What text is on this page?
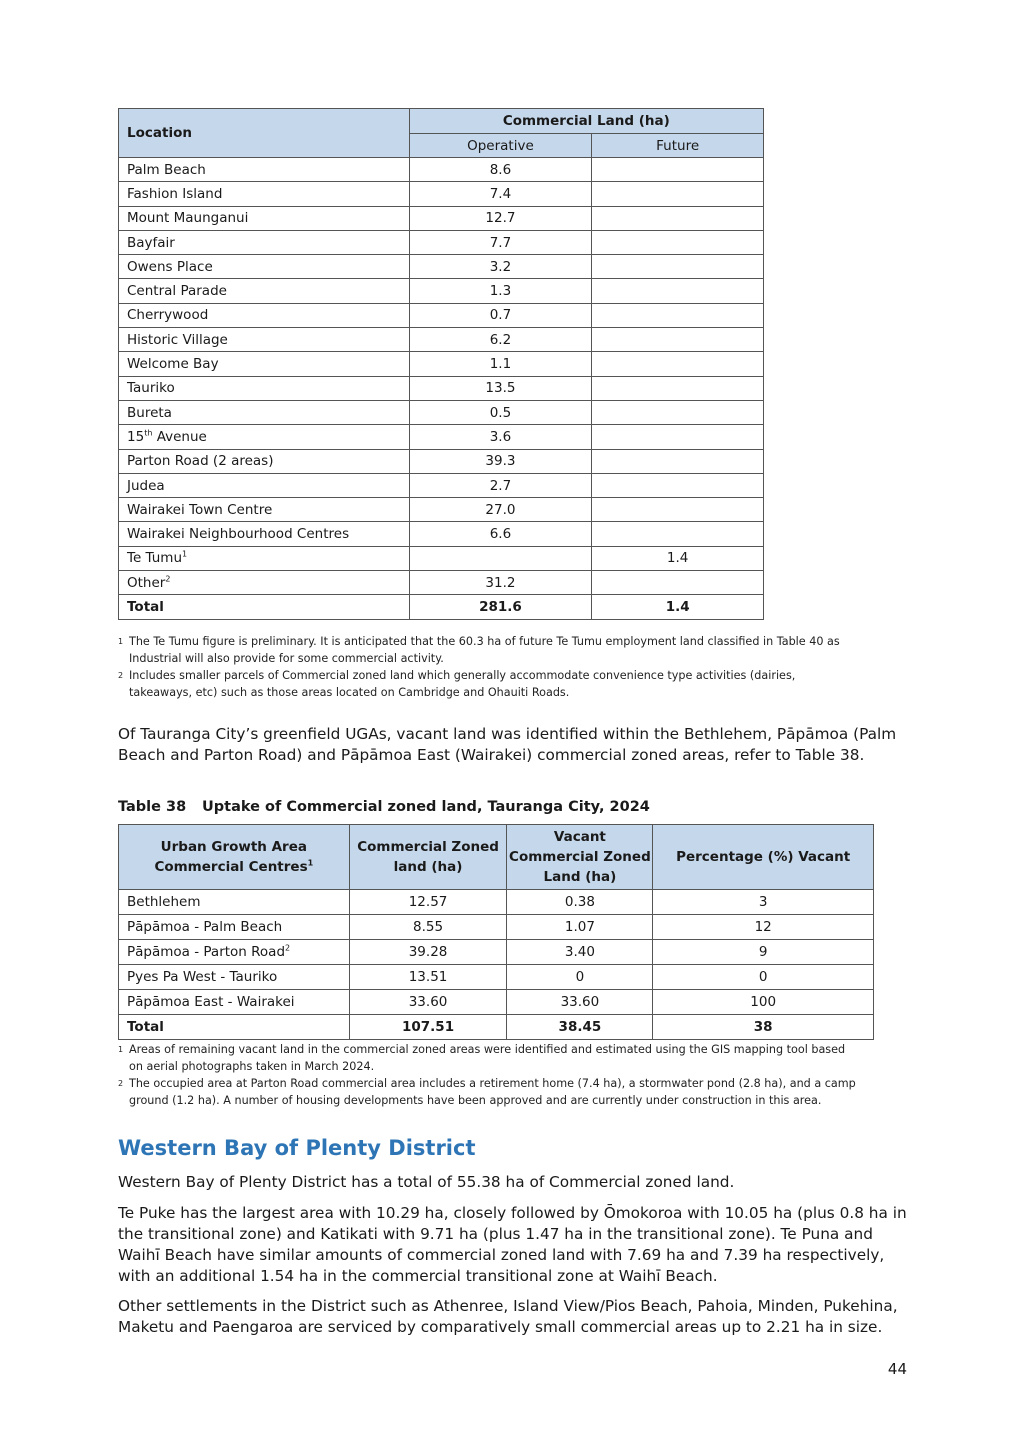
Location	Commercial Land (ha)	
	Operative	Future
Palm Beach	8.6	
Fashion Island	7.4	
Mount Maunganui	12.7	
Bayfair	7.7	
Owens Place	3.2	
Central Parade	1.3	
Cherrywood	0.7	
Historic Village	6.2	
Welcome Bay	1.1	
Tauriko	13.5	
Bureta	0.5	
15th Avenue	3.6	
Parton Road (2 areas)	39.3	
Judea	2.7	
Wairakei Town Centre	27.0	
Wairakei Neighbourhood Centres	6.6	
Te Tumu$^1$		1.4
Other$^2$	31.2	
Total	281.6	1.4
1 The Te Tumu figure is preliminary. It is anticipated that the 60.3 ha of future Te Tumu employment land classified in Table 40 as
Industrial will also provide for some commercial activity.
2 Includes smaller parcels of Commercial zoned land which generally accommodate convenience type activities (dairies,
takeaways, etc) such as those areas located on Cambridge and Ohauiti Roads.

Of Tauranga City’s greenfield UGAs, vacant land was identified within the Bethlehem, Pāpāmoa (Palm Beach and Parton Road) and Pāpāmoa East (Wairakei) commercial zoned areas, refer to Table 38.

Table 38 Uptake of Commercial zoned land, Tauranga City, 2024
Urban Growth Area Commercial Centres$^1$	Commercial Zoned land (ha)	Vacant Commercial Zoned Land (ha)	Percentage (%) Vacant
Bethlehem	12.57	0.38	3
Pāpāmoa - Palm Beach	8.55	1.07	12
Pāpāmoa - Parton Road$^2$	39.28	3.40	9
Pyes Pa West - Tauriko	13.51	0	0
Pāpāmoa East - Wairakei	33.60	33.60	100
Total	107.51	38.45	38
1 Areas of remaining vacant land in the commercial zoned areas were identified and estimated using the GIS mapping tool based
on aerial photographs taken in March 2024.
2 The occupied area at Parton Road commercial area includes a retirement home (7.4 ha), a stormwater pond (2.8 ha), and a camp
ground (1.2 ha). A number of housing developments have been approved and are currently under construction in this area.
Western Bay of Plenty District

Western Bay of Plenty District has a total of 55.38 ha of Commercial zoned land.

Te Puke has the largest area with 10.29 ha, closely followed by Ōmokoroa with 10.05 ha (plus 0.8 ha in the transitional zone) and Katikati with 9.71 ha (plus 1.47 ha in the transitional zone). Te Puna and Waihī Beach have similar amounts of commercial zoned land with 7.69 ha and 7.39 ha respectively, with an additional 1.54 ha in the commercial transitional zone at Waihī Beach.

Other settlements in the District such as Athenree, Island View/Pios Beach, Pahoia, Minden, Pukehina, Maketu and Paengaroa are serviced by comparatively small commercial areas up to 2.21 ha in size.

44
